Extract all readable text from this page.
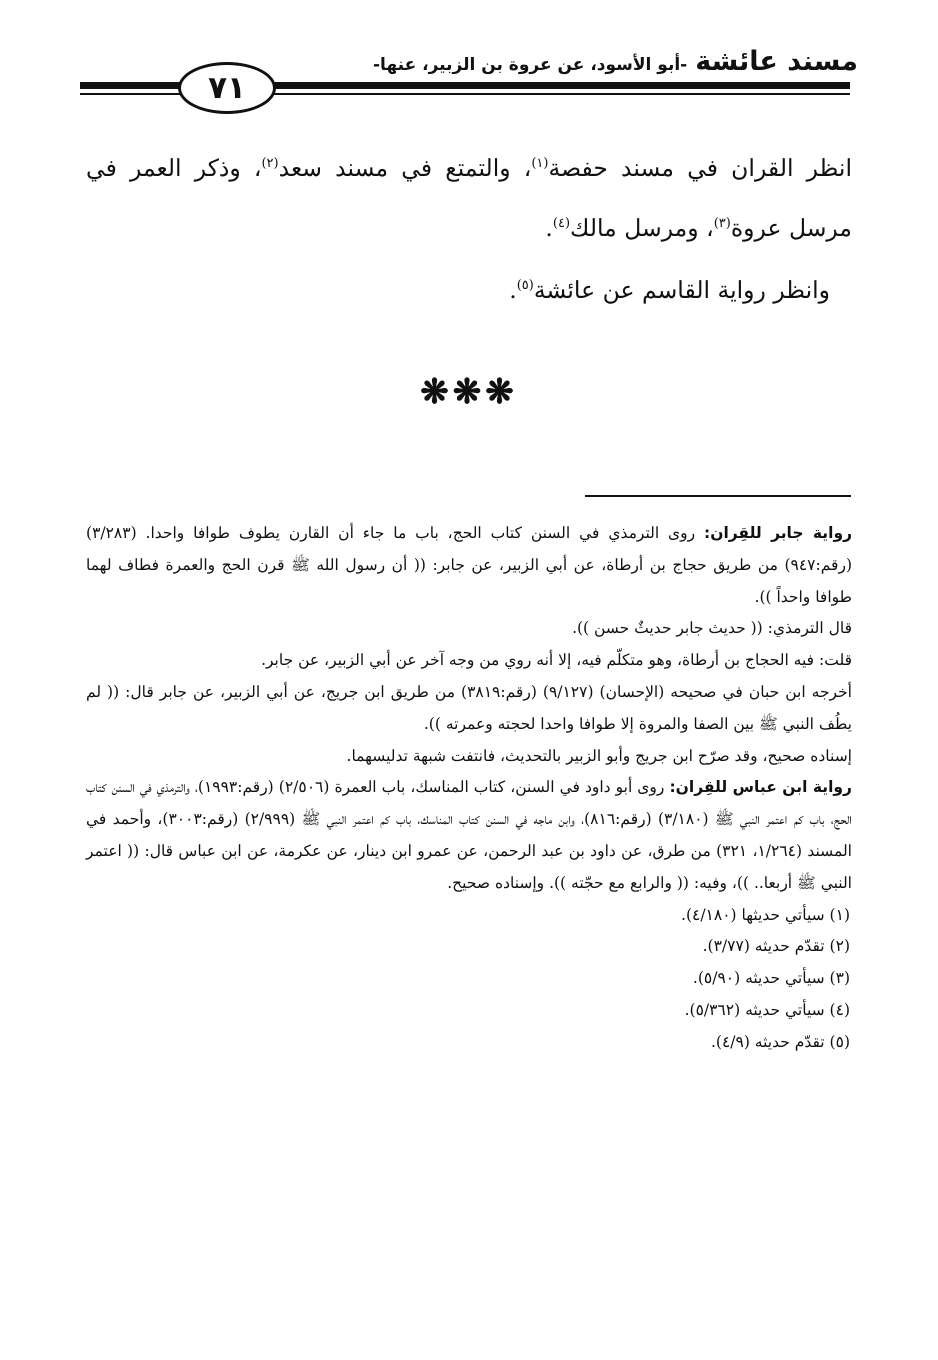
مسند عائشة-أبو الأسود، عن عروة بن الزبير، عنها-
٧١

انظر القران في مسند حفصة$^{(١)}$، والتمتع في مسند سعد$^{(٢)}$، وذكر العمر في مرسل عروة$^{(٣)}$، ومرسل مالك$^{(٤)}$.

وانظر رواية القاسم عن عائشة$^{(٥)}$.

❋❋❋

رواية جابر للقِران: روى الترمذي في السنن كتاب الحج، باب ما جاء أن القارن يطوف طوافا واحدا. (٣/٢٨٣) (رقم:٩٤٧) من طريق حجاج بن أرطاة، عن أبي الزبير، عن جابر: (( أن رسول الله ﷺ قرن الحج والعمرة فطاف لهما طوافا واحداً )).

قال الترمذي: (( حديث جابر حديثٌ حسن )).

قلت: فيه الحجاج بن أرطاة، وهو متكلّم فيه، إلا أنه روي من وجه آخر عن أبي الزبير، عن جابر.

أخرجه ابن حبان في صحيحه (الإحسان) (٩/١٢٧) (رقم:٣٨١٩) من طريق ابن جريج، عن أبي الزبير، عن جابر قال: (( لم يطُف النبي ﷺ بين الصفا والمروة إلا طوافا واحدا لحجته وعمرته )).

إسناده صحيح، وقد صرّح ابن جريج وأبو الزبير بالتحديث، فانتفت شبهة تدليسهما.

رواية ابن عباس للقِران: روى أبو داود في السنن، كتاب المناسك، باب العمرة (٢/٥٠٦) (رقم:١٩٩٣)، والترمذي في السنن كتاب الحج، باب كم اعتمر النبي ﷺ (٣/١٨٠) (رقم:٨١٦)، وابن ماجه في السنن كتاب المناسك، باب كم اعتمر النبي ﷺ (٢/٩٩٩) (رقم:٣٠٠٣)، وأحمد في المسند (١/٢٦٤، ٣٢١) من طرق، عن داود بن عبد الرحمن، عن عمرو ابن دينار، عن عكرمة، عن ابن عباس قال: (( اعتمر النبي ﷺ أربعا.. ))، وفيه: (( والرابع مع حجّته )). وإسناده صحيح.

(١) سيأتي حديثها (٤/١٨٠).

(٢) تقدّم حديثه (٣/٧٧).

(٣) سيأتي حديثه (٥/٩٠).

(٤) سيأتي حديثه (٥/٣٦٢).

(٥) تقدّم حديثه (٤/٩).
